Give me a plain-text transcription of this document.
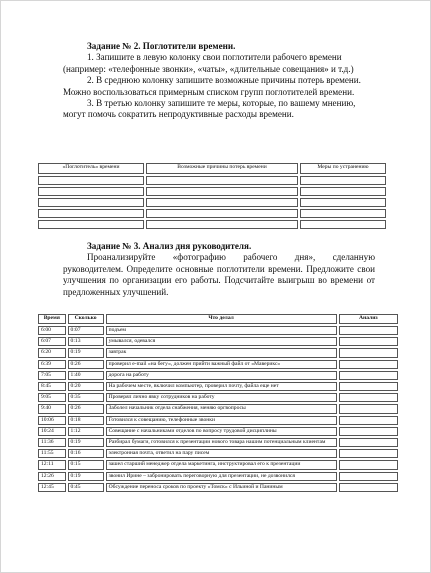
Задание № 2. Поглотители времени.

1. Запишите в левую колонку свои поглотители рабочего времени (например: «телефонные звонки», «чаты», «длительные совещания» и т.д.)

2. В среднюю колонку запишите возможные причины потерь времени. Можно воспользоваться примерным списком групп поглотителей времени.

3. В третью колонку запишите те меры, которые, по вашему мнению, могут помочь сократить непродуктивные расходы времени.

«Поглотитель» времени	Возможные причины потерь времени	Меры по устранению

Задание № 3. Анализ дня руководителя.

Проанализируйте «фотографию рабочего дня», сделанную руководителем. Определите основные поглотители времени. Предложите свои улучшения по организации его работы. Подсчитайте выигрыш во времени от предложенных улучшений.

Время	Сколько	Что делал	Анализ
6:00	0:07	подъем	
6:07	0:13	умывался, одевался	
6:20	0:19	завтрак	
6:39	0:26	проверил e-mail «на бегу», должен прийти важный файл от «Маверикс»	
7:05	1:40	дорога на работу	
8:45	0:20	На рабочем месте, включил компьютер, проверил почту, файла еще нет	
9:05	0:35	Проверял лично явку сотрудников на работу	
9:40	0:26	Заболел начальник отдела снабжения, меняю оргвопросы	
10:06	0:18	Готовился к совещанию, телефонные звонки	
10:24	1:12	Совещание с начальниками отделов по вопросу трудовой дисциплины	
11:36	0:19	Разбирал бумаги, готовился к презентации нового товара нашим потенциальным клиентам	
11:55	0:16	электронная почта, ответил на пару писем	
12:11	0:15	зашел старший менеджер отдела маркетинга, инструктировал его к презентации	
12:26	0:19	звонил Ирине – забронировать переговорную для презентации, не дозвонился	
12:45	0:45	Обсуждение переноса сроков по проекту «Томск» с Ильиной и Паниным	
